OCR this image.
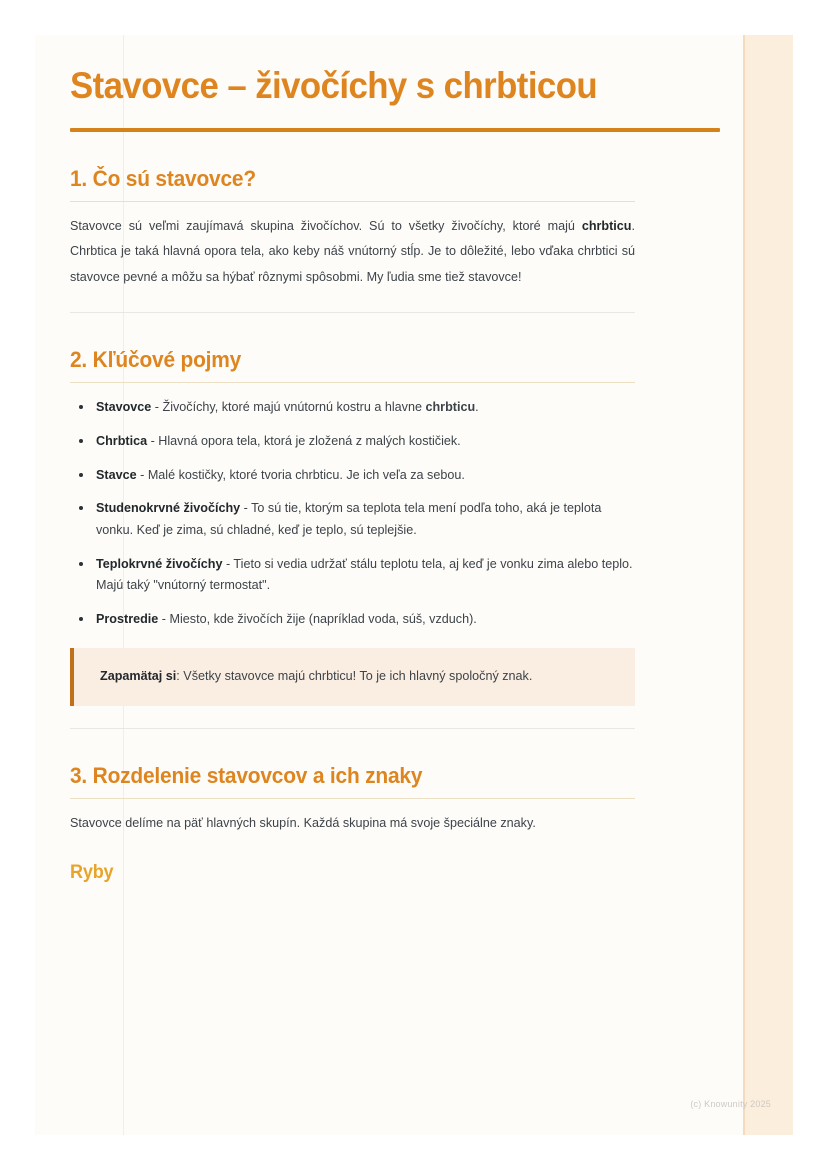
Stavovce – živočíchy s chrbticou
1. Čo sú stavovce?

Stavovce sú veľmi zaujímavá skupina živočíchov. Sú to všetky živočíchy, ktoré majú chrbticu. Chrbtica je taká hlavná opora tela, ako keby náš vnútorný stĺp. Je to dôležité, lebo vďaka chrbtici sú stavovce pevné a môžu sa hýbať rôznymi spôsobmi. My ľudia sme tiež stavovce!

2. Kľúčové pojmy
Stavovce - Živočíchy, ktoré majú vnútornú kostru a hlavne chrbticu.
Chrbtica - Hlavná opora tela, ktorá je zložená z malých kostičiek.
Stavce - Malé kostičky, ktoré tvoria chrbticu. Je ich veľa za sebou.
Studenokrvné živočíchy - To sú tie, ktorým sa teplota tela mení podľa toho, aká je teplota vonku. Keď je zima, sú chladné, keď je teplo, sú teplejšie.
Teplokrvné živočíchy - Tieto si vedia udržať stálu teplotu tela, aj keď je vonku zima alebo teplo. Majú taký "vnútorný termostat".
Prostredie - Miesto, kde živočích žije (napríklad voda, súš, vzduch).

Zapamätaj si: Všetky stavovce majú chrbticu! To je ich hlavný spoločný znak.

3. Rozdelenie stavovcov a ich znaky

Stavovce delíme na päť hlavných skupín. Každá skupina má svoje špeciálne znaky.

Ryby
(c) Knowunity 2025
